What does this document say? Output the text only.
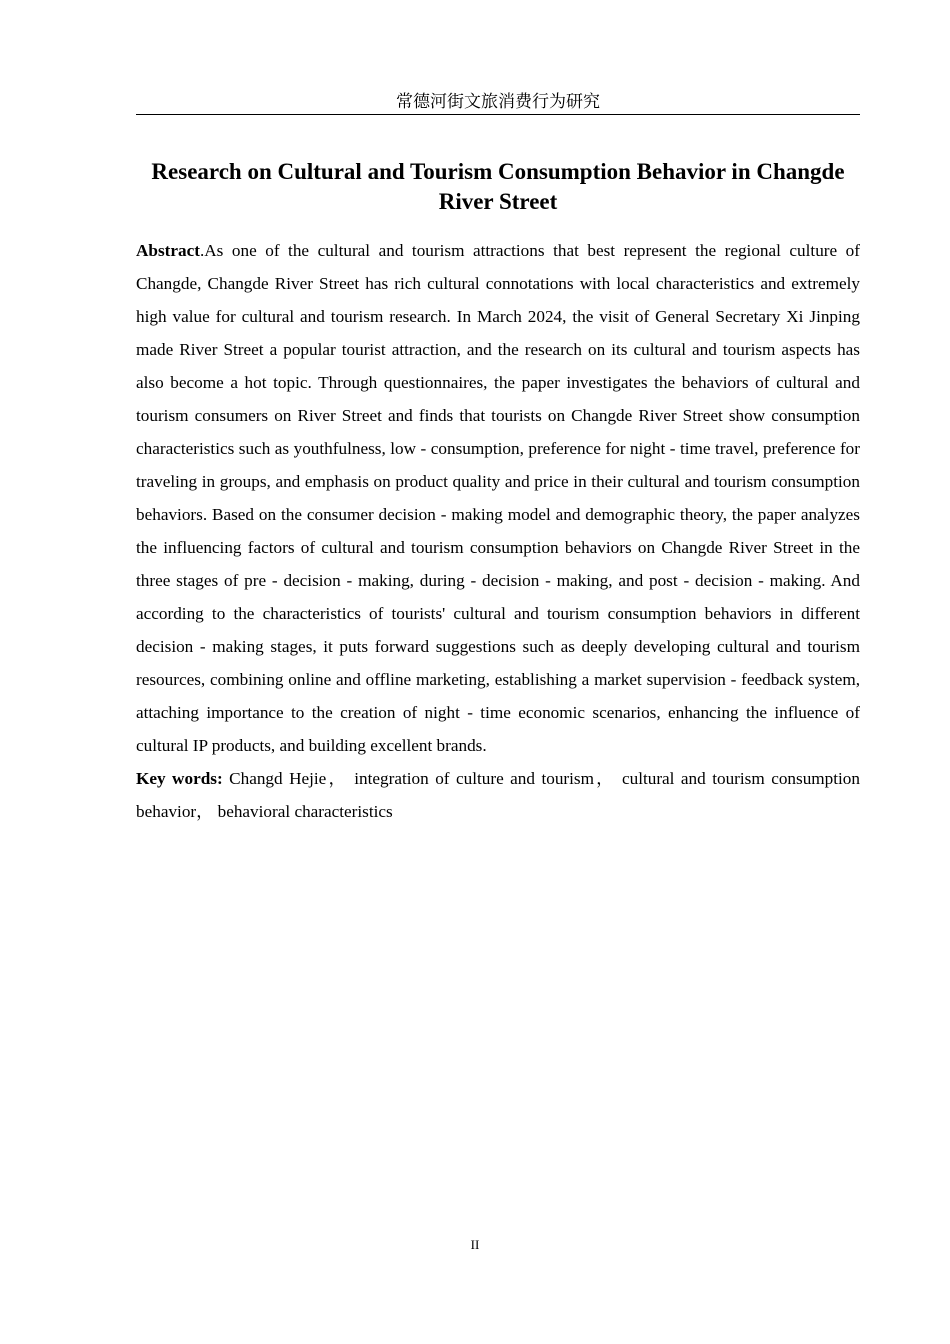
常德河街文旅消费行为研究
Research on Cultural and Tourism Consumption Behavior in Changde River Street

Abstract.As one of the cultural and tourism attractions that best represent the regional culture of Changde, Changde River Street has rich cultural connotations with local characteristics and extremely high value for cultural and tourism research. In March 2024, the visit of General Secretary Xi Jinping made River Street a popular tourist attraction, and the research on its cultural and tourism aspects has also become a hot topic. Through questionnaires, the paper investigates the behaviors of cultural and tourism consumers on River Street and finds that tourists on Changde River Street show consumption characteristics such as youthfulness, low - consumption, preference for night - time travel, preference for traveling in groups, and emphasis on product quality and price in their cultural and tourism consumption behaviors. Based on the consumer decision - making model and demographic theory, the paper analyzes the influencing factors of cultural and tourism consumption behaviors on Changde River Street in the three stages of pre - decision - making, during - decision - making, and post - decision - making. And according to the characteristics of tourists' cultural and tourism consumption behaviors in different decision - making stages, it puts forward suggestions such as deeply developing cultural and tourism resources, combining online and offline marketing, establishing a market supervision - feedback system, attaching importance to the creation of night - time economic scenarios, enhancing the influence of cultural IP products, and building excellent brands.

Key words: Changd Hejie， integration of culture and tourism， cultural and tourism consumption behavior， behavioral characteristics

II
